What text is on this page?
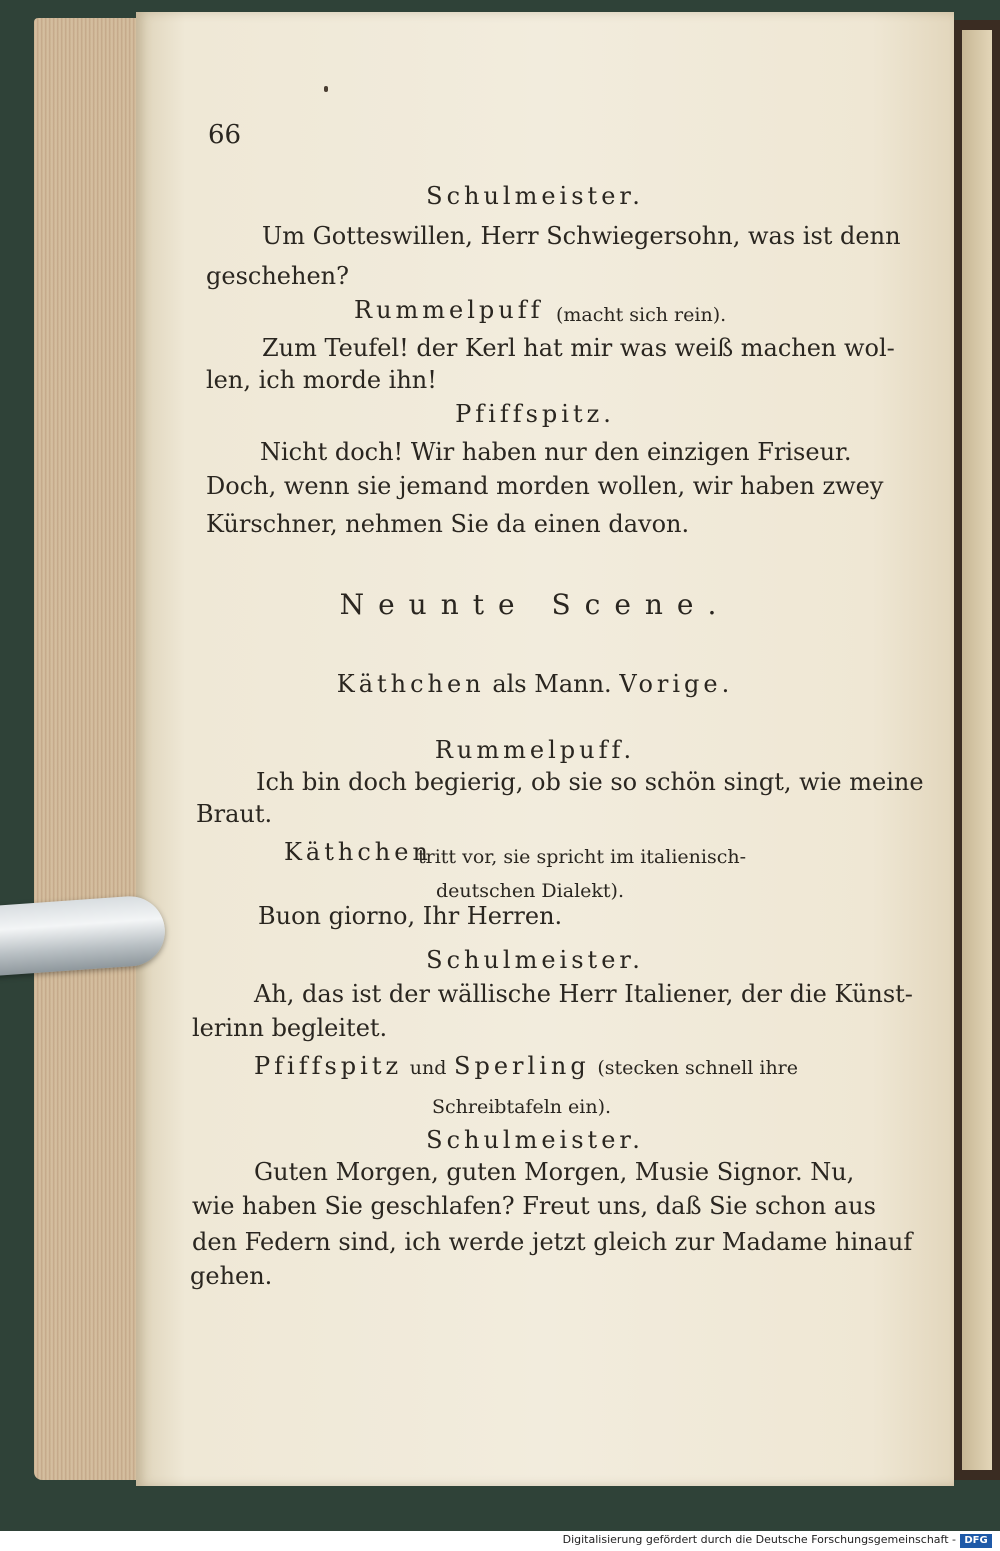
66
Schulmeister.
Um Gotteswillen, Herr Schwiegersohn, was ist denn
geschehen?
Rummelpuff (macht sich rein).
Zum Teufel! der Kerl hat mir was weiß machen wol-
len, ich morde ihn!
Pfiffspitz.
Nicht doch! Wir haben nur den einzigen Friseur.
Doch, wenn sie jemand morden wollen, wir haben zwey
Kürschner, nehmen Sie da einen davon.
Neunte Scene.
Käthchen als Mann. Vorige.
Rummelpuff.
Ich bin doch begierig, ob sie so schön singt, wie meine
Braut.
Käthchen
tritt vor, sie spricht im italienisch-
deutschen Dialekt).
Buon giorno, Ihr Herren.
Schulmeister.
Ah, das ist der wällische Herr Italiener, der die Künst-
lerinn begleitet.
Pfiffspitz und Sperling (stecken schnell ihre
Schreibtafeln ein).
Schulmeister.
Guten Morgen, guten Morgen, Musie Signor. Nu,
wie haben Sie geschlafen? Freut uns, daß Sie schon aus
den Federn sind, ich werde jetzt gleich zur Madame hinauf
gehen.
Digitalisierung gefördert durch die Deutsche Forschungsgemeinschaft - DFG
